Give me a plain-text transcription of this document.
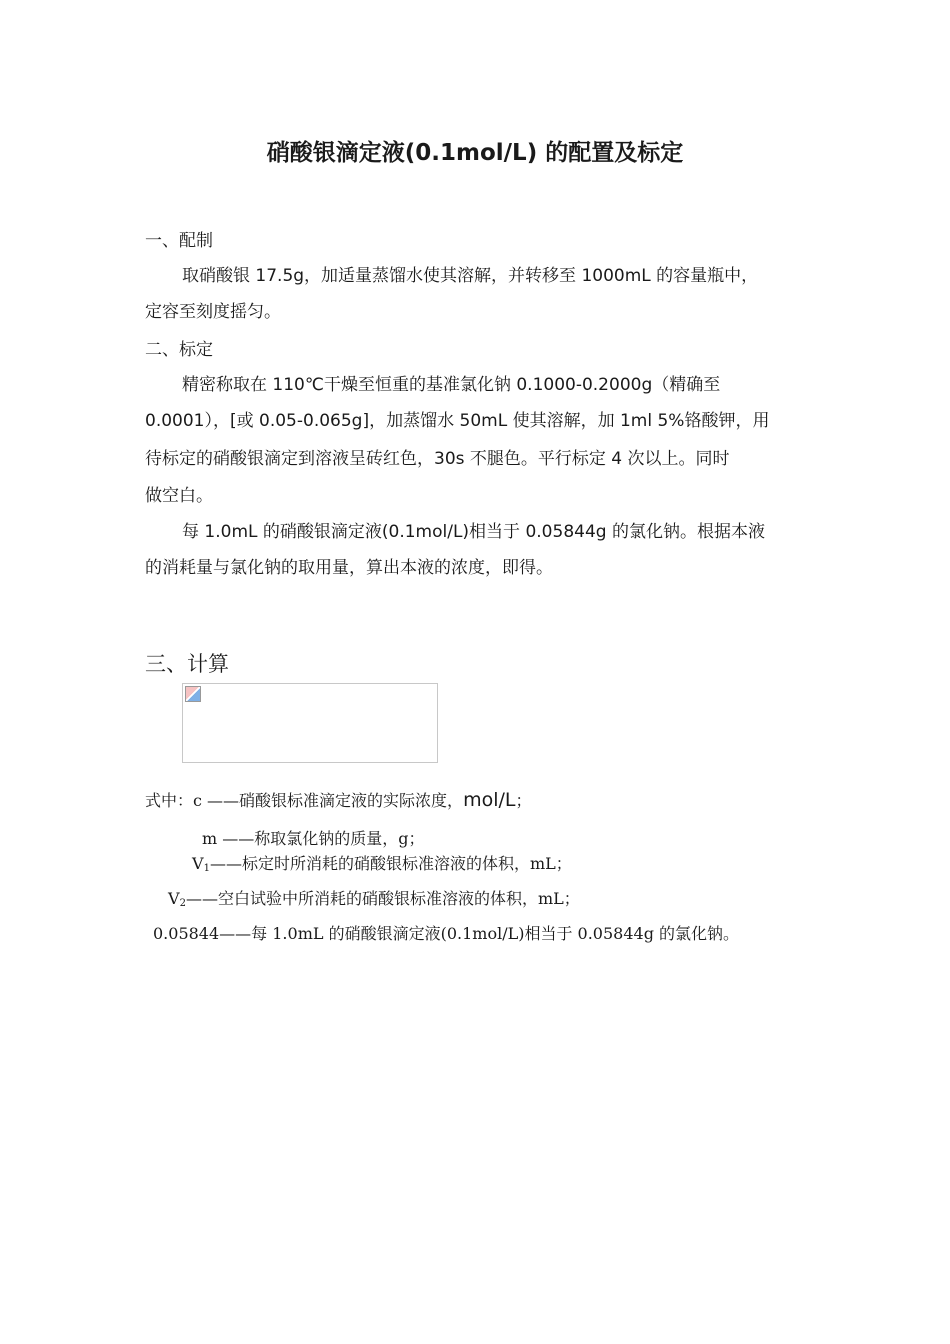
硝酸银滴定液(0.1mol/L) 的配置及标定
一、配制
取硝酸银 17.5g，加适量蒸馏水使其溶解，并转移至 1000mL 的容量瓶中，
定容至刻度摇匀。
二、标定
精密称取在 110℃干燥至恒重的基准氯化钠 0.1000-0.2000g（精确至
0.0001），[或 0.05-0.065g]，加蒸馏水 50mL 使其溶解，加 1ml 5%铬酸钾，用
待标定的硝酸银滴定到溶液呈砖红色，30s 不腿色。平行标定 4 次以上。同时
做空白。
每 1.0mL 的硝酸银滴定液(0.1mol/L)相当于 0.05844g 的氯化钠。根据本液
的消耗量与氯化钠的取用量，算出本液的浓度，即得。
三、计算
式中：c ——硝酸银标准滴定液的实际浓度，mol/L；
m ——称取氯化钠的质量，g；
$V_1——$标定时所消耗的硝酸银标准溶液的体积，mL；
$V_2——$空白试验中所消耗的硝酸银标准溶液的体积，mL；
0.05844——每 1.0mL 的硝酸银滴定液(0.1mol/L)相当于 0.05844g 的氯化钠。
